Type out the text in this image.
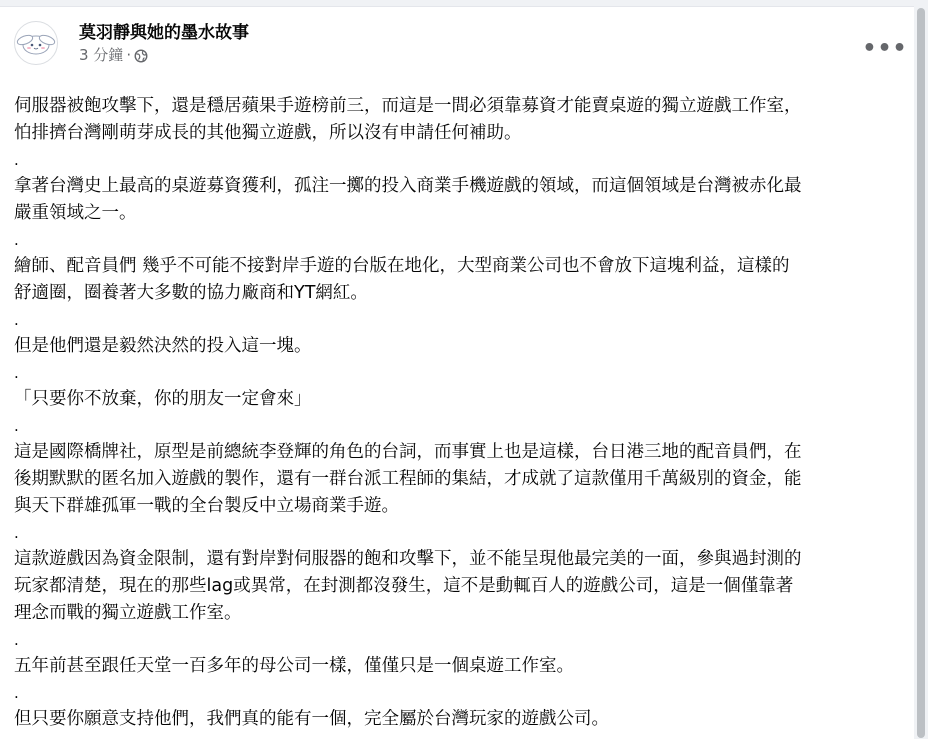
莫羽靜與她的墨水故事
3 分鐘 ·	•••

伺服器被飽攻擊下，還是穩居蘋果手遊榜前三，而這是一間必須靠募資才能賣桌遊的獨立遊戲工作室，

怕排擠台灣剛萌芽成長的其他獨立遊戲，所以沒有申請任何補助。

.

拿著台灣史上最高的桌遊募資獲利，孤注一擲的投入商業手機遊戲的領域，而這個領域是台灣被赤化最

嚴重領域之一。

.

繪師、配音員們 幾乎不可能不接對岸手遊的台版在地化，大型商業公司也不會放下這塊利益，這樣的

舒適圈，圈養著大多數的協力廠商和YT網紅。

.

但是他們還是毅然決然的投入這一塊。

.

「只要你不放棄，你的朋友一定會來」

.

這是國際橋牌社，原型是前總統李登輝的角色的台詞，而事實上也是這樣，台日港三地的配音員們，在

後期默默的匿名加入遊戲的製作，還有一群台派工程師的集結，才成就了這款僅用千萬級別的資金，能

與天下群雄孤軍一戰的全台製反中立場商業手遊。

.

這款遊戲因為資金限制，還有對岸對伺服器的飽和攻擊下，並不能呈現他最完美的一面，參與過封測的

玩家都清楚，現在的那些lag或異常，在封測都沒發生，這不是動輒百人的遊戲公司，這是一個僅靠著

理念而戰的獨立遊戲工作室。

.

五年前甚至跟任天堂一百多年的母公司一樣，僅僅只是一個桌遊工作室。

.

但只要你願意支持他們，我們真的能有一個，完全屬於台灣玩家的遊戲公司。
